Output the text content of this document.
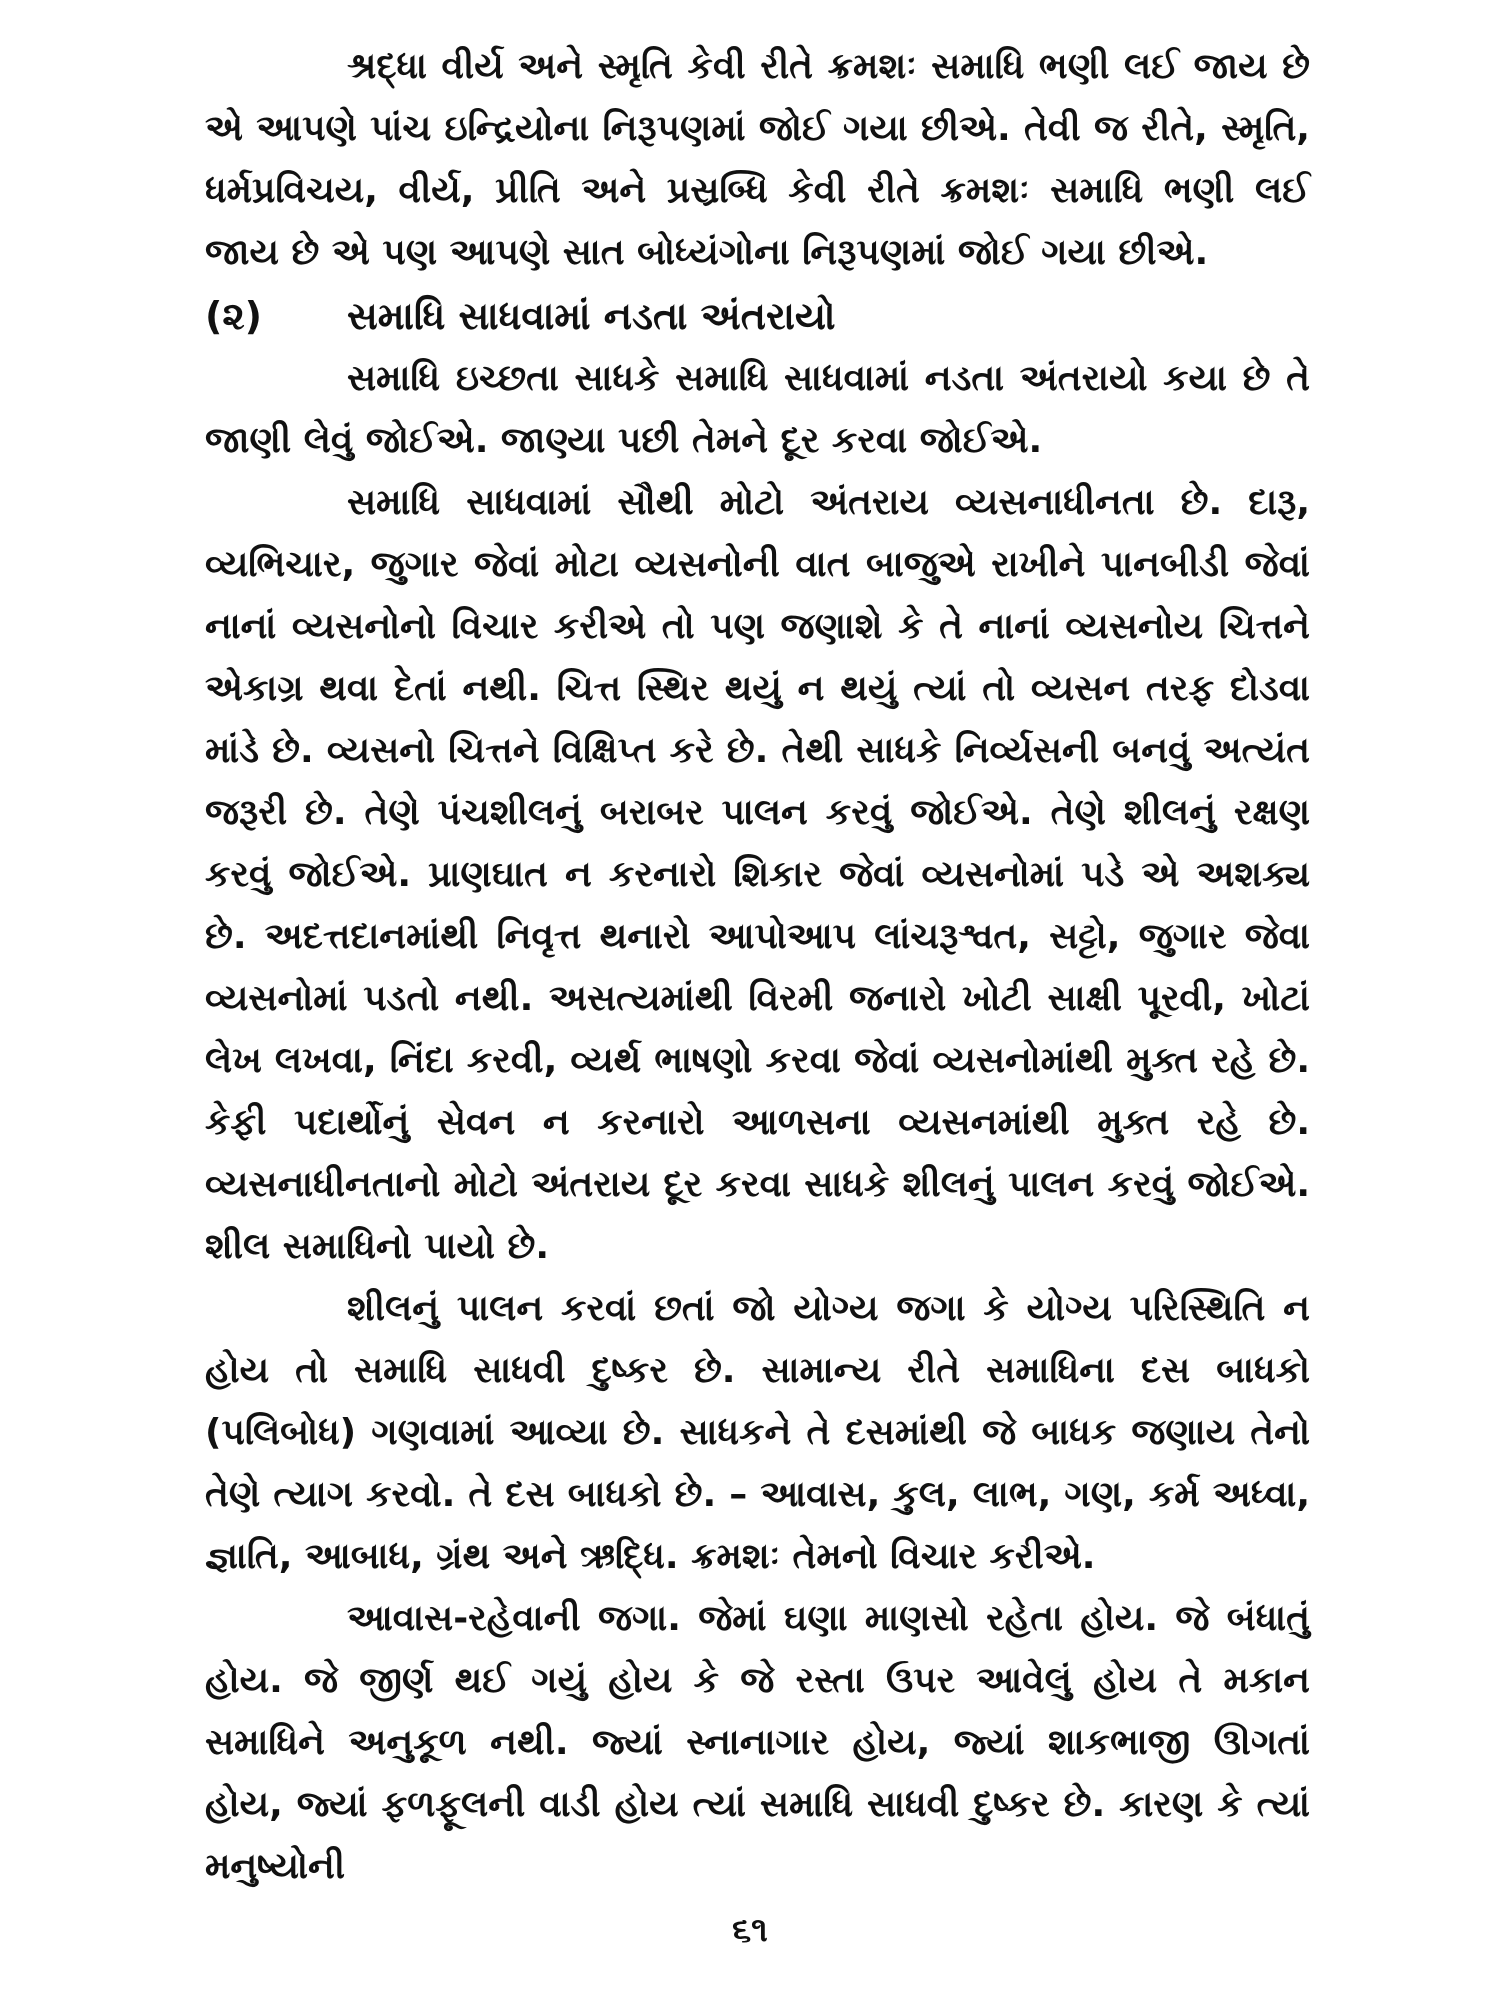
શ્રદ્ધા વીર્ય અને સ્મૃતિ કેવી રીતે ક્રમશઃ સમાધિ ભણી લઈ જાય છે એ આપણે પાંચ ઇન્દ્રિયોના નિરૂપણમાં જોઈ ગયા છીએ. તેવી જ રીતે, સ્મૃતિ, ધર્મપ્રવિચય, વીર્ય, પ્રીતિ અને પ્રસ્રબ્ધિ કેવી રીતે ક્રમશઃ સમાધિ ભણી લઈ જાય છે એ પણ આપણે સાત બોધ્યંગોના નિરૂપણમાં જોઈ ગયા છીએ.

(૨)	સમાધિ સાધવામાં નડતા અંતરાયો

સમાધિ ઇચ્છતા સાધકે સમાધિ સાધવામાં નડતા અંતરાયો કયા છે તે જાણી લેવું જોઈએ. જાણ્યા પછી તેમને દૂર કરવા જોઈએ.

સમાધિ સાધવામાં સૌથી મોટો અંતરાય વ્યસનાધીનતા છે. દારૂ, વ્યભિચાર, જુગાર જેવાં મોટા વ્યસનોની વાત બાજુએ રાખીને પાનબીડી જેવાં નાનાં વ્યસનોનો વિચાર કરીએ તો પણ જણાશે કે તે નાનાં વ્યસનોય ચિત્તને એકાગ્ર થવા દેતાં નથી. ચિત્ત સ્થિર થયું ન થયું ત્યાં તો વ્યસન તરફ દોડવા માંડે છે. વ્યસનો ચિત્તને વિક્ષિપ્ત કરે છે. તેથી સાધકે નિર્વ્યસની બનવું અત્યંત જરૂરી છે. તેણે પંચશીલનું બરાબર પાલન કરવું જોઈએ. તેણે શીલનું રક્ષણ કરવું જોઈએ. પ્રાણઘાત ન કરનારો શિકાર જેવાં વ્યસનોમાં પડે એ અશક્ય છે. અદત્તદાનમાંથી નિવૃત્ત થનારો આપોઆપ લાંચરૂશ્વત, સટ્ટો, જુગાર જેવા વ્યસનોમાં પડતો નથી. અસત્યમાંથી વિરમી જનારો ખોટી સાક્ષી પૂરવી, ખોટાં લેખ લખવા, નિંદા કરવી, વ્યર્થ ભાષણો કરવા જેવાં વ્યસનોમાંથી મુક્ત રહે છે. કેફી પદાર્થોનું સેવન ન કરનારો આળસના વ્યસનમાંથી મુક્ત રહે છે. વ્યસનાધીનતાનો મોટો અંતરાય દૂર કરવા સાધકે શીલનું પાલન કરવું જોઈએ. શીલ સમાધિનો પાયો છે.

શીલનું પાલન કરવાં છતાં જો યોગ્ય જગા કે યોગ્ય પરિસ્થિતિ ન હોય તો સમાધિ સાધવી દુષ્કર છે. સામાન્ય રીતે સમાધિના દસ બાધકો (પલિબોધ) ગણવામાં આવ્યા છે. સાધકને તે દસમાંથી જે બાધક જણાય તેનો તેણે ત્યાગ કરવો. તે દસ બાધકો છે. – આવાસ, કુલ, લાભ, ગણ, કર્મ અધ્વા, જ્ઞાતિ, આબાધ, ગ્રંથ અને ઋદ્ધિ. ક્રમશઃ તેમનો વિચાર કરીએ.

આવાસ-રહેવાની જગા. જેમાં ઘણા માણસો રહેતા હોય. જે બંધાતું હોય. જે જીર્ણ થઈ ગયું હોય કે જે રસ્તા ઉપર આવેલું હોય તે મકાન સમાધિને અનુકૂળ નથી. જ્યાં સ્નાનાગાર હોય, જ્યાં શાકભાજી ઊગતાં હોય, જ્યાં ફળફૂલની વાડી હોય ત્યાં સમાધિ સાધવી દુષ્કર છે. કારણ કે ત્યાં મનુષ્યોની

૬૧
